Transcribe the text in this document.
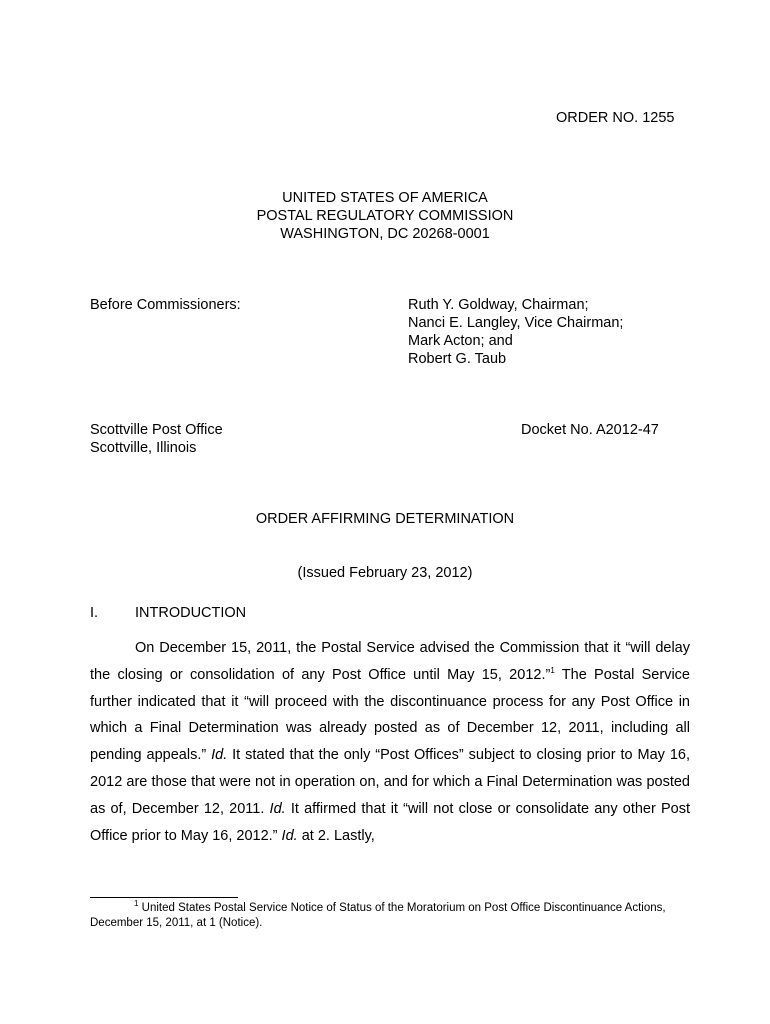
ORDER NO. 1255
UNITED STATES OF AMERICA
POSTAL REGULATORY COMMISSION
WASHINGTON, DC 20268-0001
Before Commissioners:	Ruth Y. Goldway, Chairman;
Nanci E. Langley, Vice Chairman;
Mark Acton; and
Robert G. Taub
Scottville Post Office
Scottville, Illinois
Docket No. A2012-47
ORDER AFFIRMING DETERMINATION
(Issued February 23, 2012)
I.	INTRODUCTION

On December 15, 2011, the Postal Service advised the Commission that it “will delay the closing or consolidation of any Post Office until May 15, 2012.”$^1$ The Postal Service further indicated that it “will proceed with the discontinuance process for any Post Office in which a Final Determination was already posted as of December 12, 2011, including all pending appeals.” Id. It stated that the only “Post Offices” subject to closing prior to May 16, 2012 are those that were not in operation on, and for which a Final Determination was posted as of, December 12, 2011. Id. It affirmed that it “will not close or consolidate any other Post Office prior to May 16, 2012.” Id. at 2. Lastly,

$^1$ United States Postal Service Notice of Status of the Moratorium on Post Office Discontinuance Actions, December 15, 2011, at 1 (Notice).
